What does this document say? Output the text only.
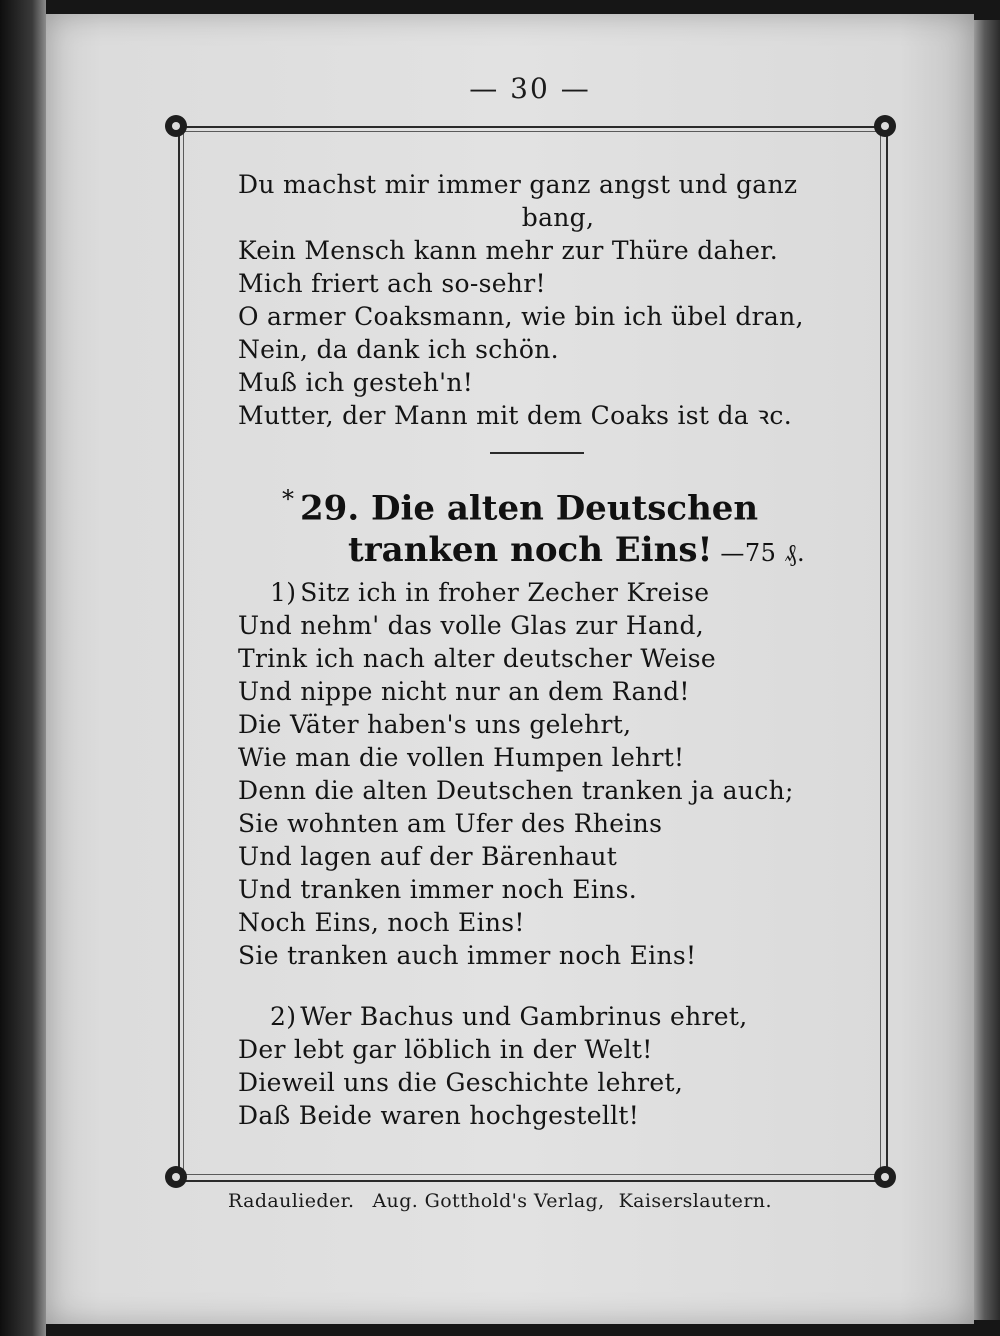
— 30 —
Du machst mir immer ganz angst und ganz
bang,
Kein Mensch kann mehr zur Thüre daher.
Mich friert ach so-sehr!
O armer Coaksmann, wie bin ich übel dran,
Nein, da dank ich schön.
Muß ich gesteh'n!
Mutter, der Mann mit dem Coaks ist da ꝛc.
* 29. Die alten Deutschen
tranken noch Eins! —75 ₰.
1) Sitz ich in froher Zecher Kreise
Und nehm' das volle Glas zur Hand,
Trink ich nach alter deutscher Weise
Und nippe nicht nur an dem Rand!
Die Väter haben's uns gelehrt,
Wie man die vollen Humpen lehrt!
Denn die alten Deutschen tranken ja auch;
Sie wohnten am Ufer des Rheins
Und lagen auf der Bärenhaut
Und tranken immer noch Eins.
Noch Eins, noch Eins!
Sie tranken auch immer noch Eins!
2) Wer Bachus und Gambrinus ehret,
Der lebt gar löblich in der Welt!
Dieweil uns die Geschichte lehret,
Daß Beide waren hochgestellt!
Radaulieder. Aug. Gotthold's Verlag, Kaiserslautern.
